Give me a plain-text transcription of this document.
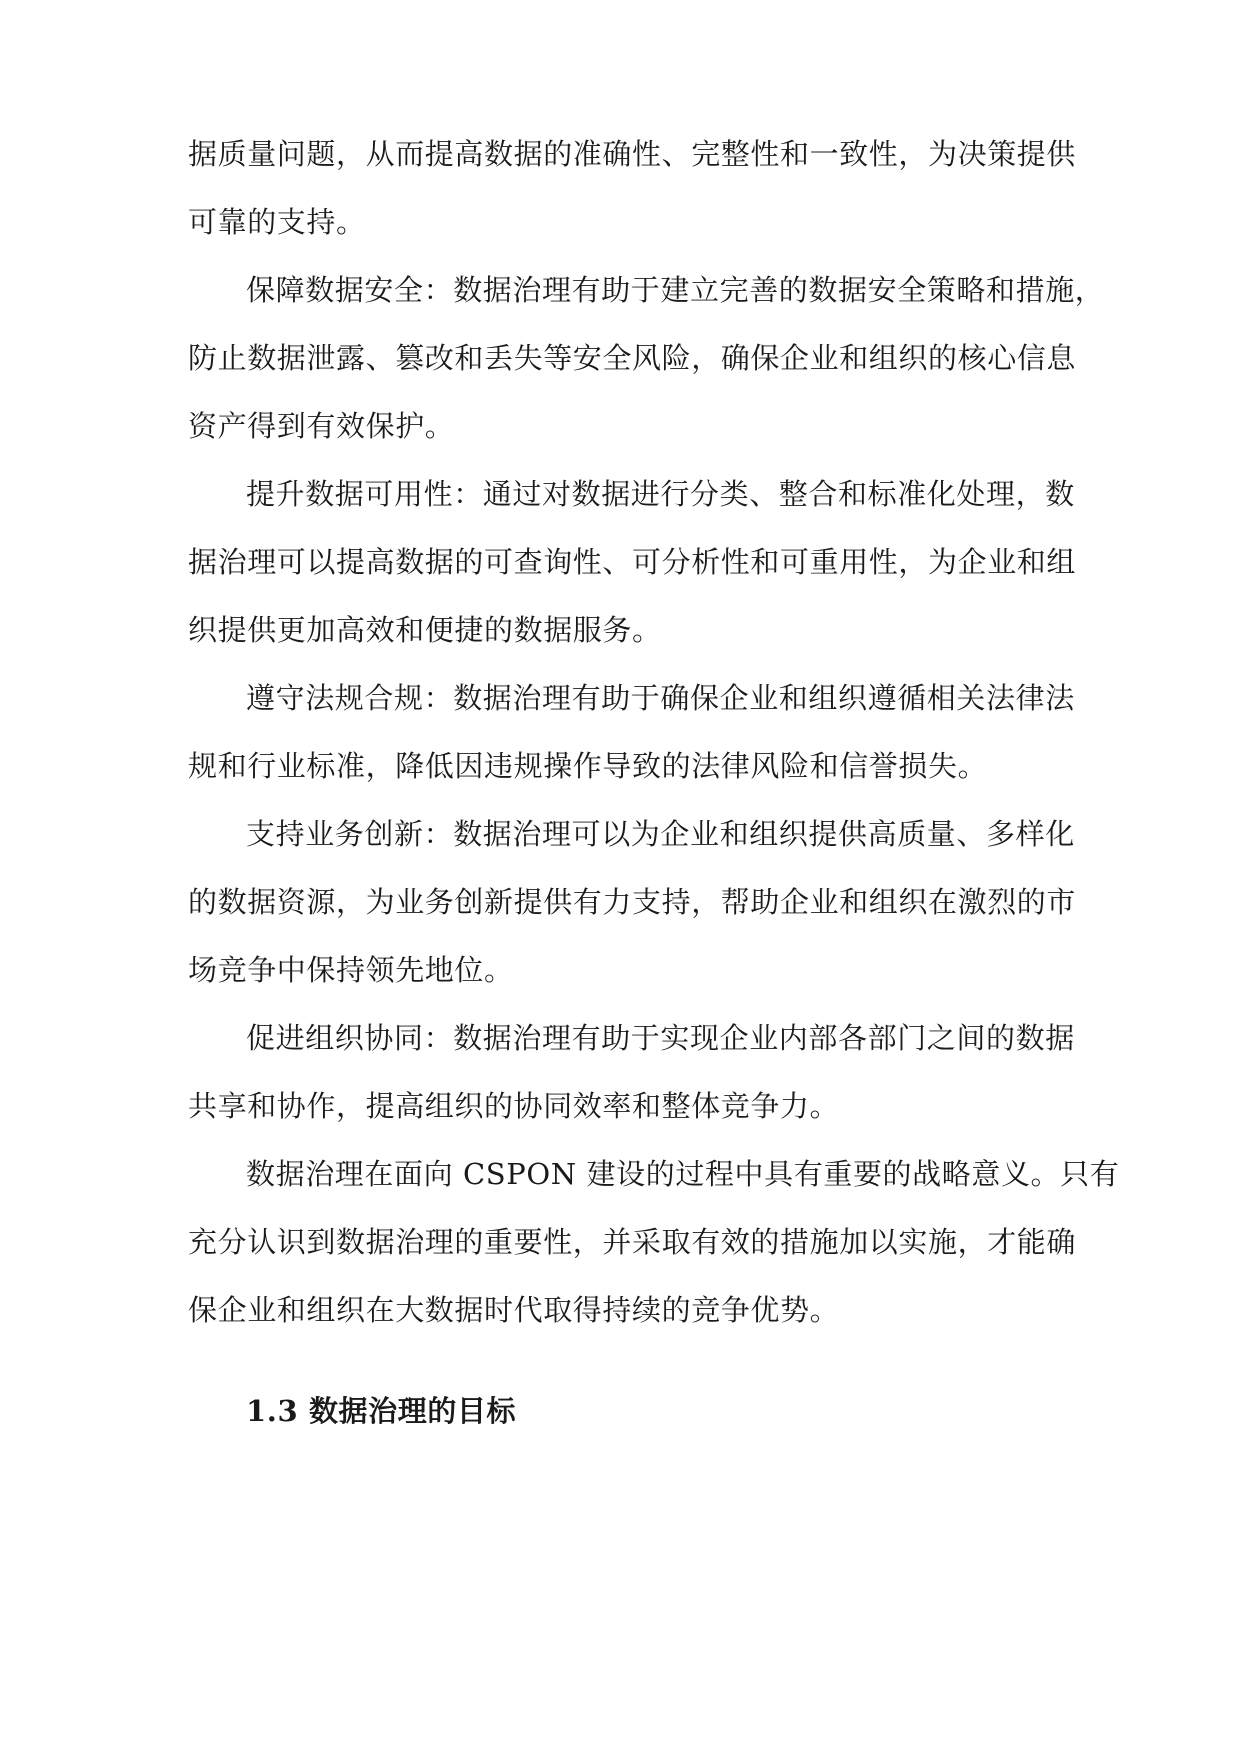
据质量问题，从而提高数据的准确性、完整性和一致性，为决策提供
可靠的支持。
保障数据安全：数据治理有助于建立完善的数据安全策略和措施，
防止数据泄露、篡改和丢失等安全风险，确保企业和组织的核心信息
资产得到有效保护。
提升数据可用性：通过对数据进行分类、整合和标准化处理，数
据治理可以提高数据的可查询性、可分析性和可重用性，为企业和组
织提供更加高效和便捷的数据服务。
遵守法规合规：数据治理有助于确保企业和组织遵循相关法律法
规和行业标准，降低因违规操作导致的法律风险和信誉损失。
支持业务创新：数据治理可以为企业和组织提供高质量、多样化
的数据资源，为业务创新提供有力支持，帮助企业和组织在激烈的市
场竞争中保持领先地位。
促进组织协同：数据治理有助于实现企业内部各部门之间的数据
共享和协作，提高组织的协同效率和整体竞争力。
数据治理在面向 CSPON 建设的过程中具有重要的战略意义。只有
充分认识到数据治理的重要性，并采取有效的措施加以实施，才能确
保企业和组织在大数据时代取得持续的竞争优势。
1.3 数据治理的目标
